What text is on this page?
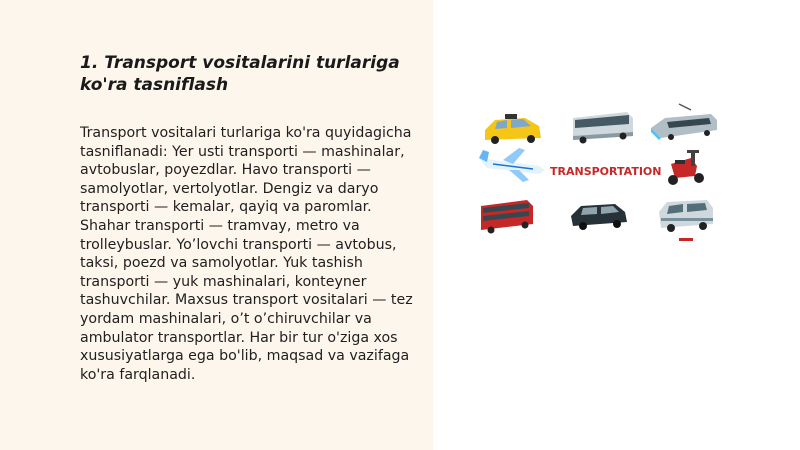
1. Transport vositalarini turlariga ko'ra tasniflash

Transport vositalari turlariga ko'ra quyidagicha tasniflanadi: Yer usti transporti — mashinalar, avtobuslar, poyezdlar. Havo transporti — samolyotlar, vertolyotlar. Dengiz va daryo transporti — kemalar, qayiq va paromlar. Shahar transporti — tramvay, metro va trolleybuslar. Yo’lovchi transporti — avtobus, taksi, poezd va samolyotlar. Yuk tashish transporti — yuk mashinalari, konteyner tashuvchilar. Maxsus transport vositalari — tez yordam mashinalari, o’t o’chiruvchilar va ambulator transportlar. Har bir tur o'ziga xos xususiyatlarga ega bo'lib, maqsad va vazifaga ko'ra farqlanadi.

TRANSPORTATION
